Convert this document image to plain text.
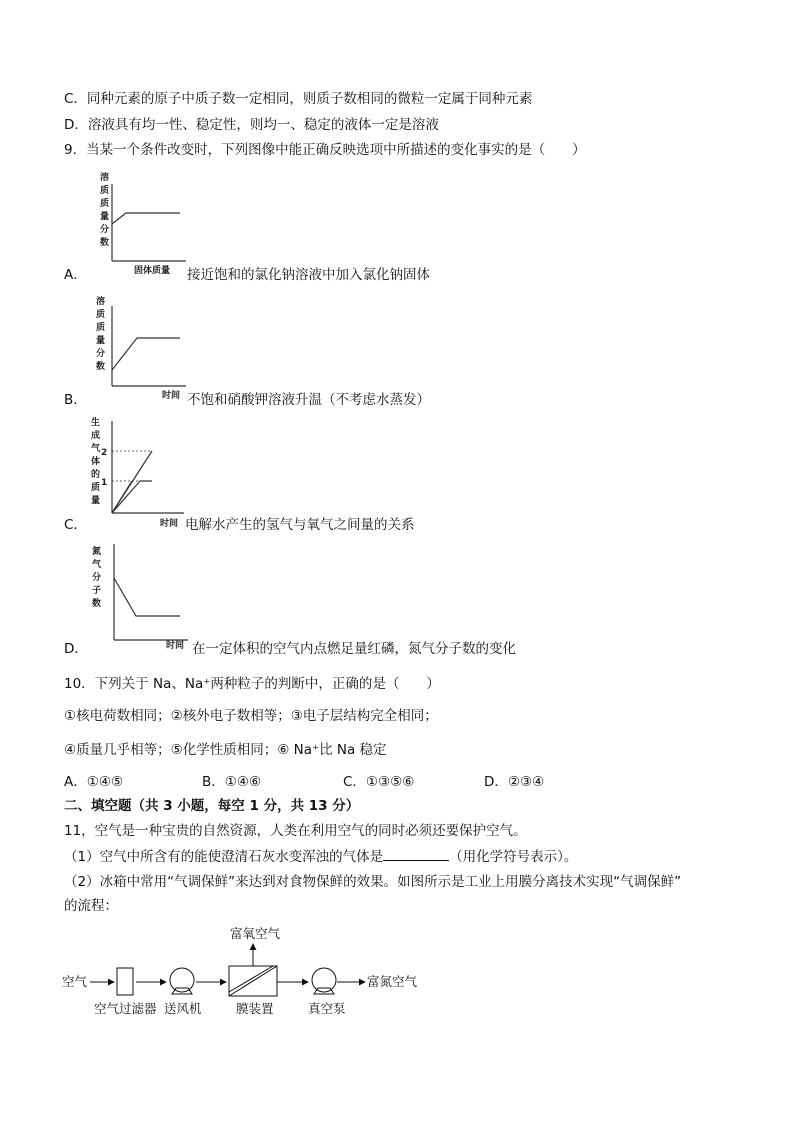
C．同种元素的原子中质子数一定相同，则质子数相同的微粒一定属于同种元素
D．溶液具有均一性、稳定性，则均一、稳定的液体一定是溶液
9．当某一个条件改变时，下列图像中能正确反映选项中所描述的变化事实的是（　　）
溶
质
质
量
分
数
固体质量
A．	接近饱和的氯化钠溶液中加入氯化钠固体
溶
质
质
量
分
数
时间
B．	不饱和硝酸钾溶液升温（不考虑水蒸发）
生
成
气
体
的
质
量
2
1
时间
C．	电解水产生的氢气与氧气之间量的关系
氮
气
分
子
数
时间
D．	在一定体积的空气内点燃足量红磷，氮气分子数的变化
10．下列关于 Na、Na⁺两种粒子的判断中，正确的是（　　）
①核电荷数相同；②核外电子数相等；③电子层结构完全相同；
④质量几乎相等；⑤化学性质相同；⑥ Na⁺比 Na 稳定
A．①④⑤	B．①④⑥	C．①③⑤⑥	D．②③④
二、填空题（共 3 小题，每空 1 分，共 13 分）
11，空气是一种宝贵的自然资源，人类在利用空气的同时必须还要保护空气。
（1）空气中所含有的能使澄清石灰水变浑浊的气体是	（用化学符号表示）。
（2）冰箱中常用“气调保鲜”来达到对食物保鲜的效果。如图所示是工业上用膜分离技术实现“气调保鲜”
的流程：
空气
空气过滤器 送风机	膜装置
富氧空气
真空泵
富氮空气
